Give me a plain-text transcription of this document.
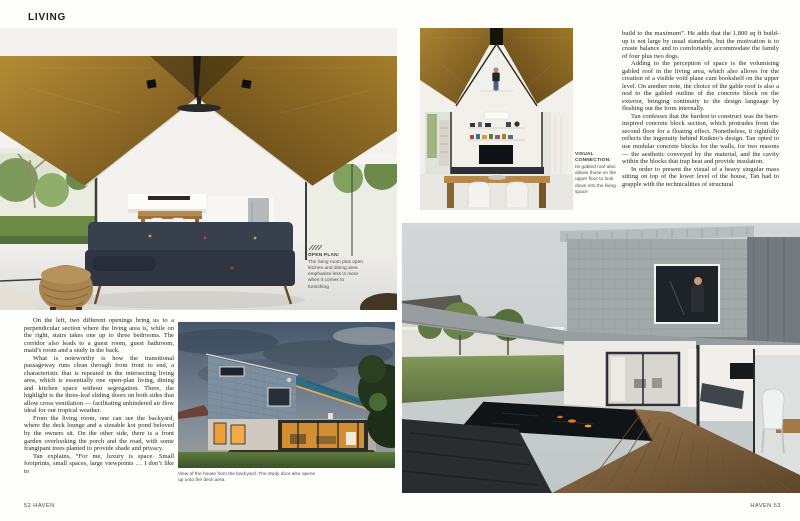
LIVING
OPEN PLAN:
The living room plus open kitchen and dining area emphasise less is more when it comes to furnishing
VISUAL CONNECTION:
Its gabled roof also allows those on the upper floor to look down into the living space

build to the maximum”. He adds that the 1,800 sq ft build-up is not large by usual standards, but the motivation is to create balance and to comfortably accommodate the family of four plus two dogs.

Adding to the perception of space is the volumising gabled roof in the living area, which also allows for the creation of a visible void plane cum bookshelf on the upper level. On another note, the choice of the gable roof is also a nod to the gabled outline of the concrete block on the exterior, bringing continuity to the design language by fleshing out the form internally.

Tan confesses that the hardest to construct was the barn-inspired concrete block section, which protrudes from the second floor for a floating effect. Nonetheless, it rightfully reflects the ingenuity behind Knikno’s design. Tan opted to use modular concrete blocks for the walls, for two reasons — the aesthetic conveyed by the material, and the cavity within the blocks that trap heat and provide insulation.

In order to present the visual of a heavy singular mass sitting on top of the lower level of the house, Tan had to grapple with the technicalities of structural

On the left, two different openings bring us to a perpendicular section where the living area is, while on the right, stairs takes one up to three bedrooms. The corridor also leads to a guest room, guest bathroom, maid’s room and a study in the back.

What is noteworthy is how the transitional passageway runs clean through from front to end, a characteristic that is repeated in the intersecting living area, which is essentially one open-plan living, dining and kitchen space without segregation. There, the highlight is the three-leaf sliding doors on both sides that allow cross ventilation — facilitating unhindered air flow ideal for our tropical weather.

From the living room, one can see the backyard, where the deck lounge and a sizeable koi pond beloved by the owners sit. On the other side, there is a front garden overlooking the porch and the road, with some frangipani trees planted to provide shade and privacy.

Tan explains, “For me, luxury is space. Small footprints, small spaces, large viewpoints … I don’t like to	View of the house from the backyard. The study door also opens up onto the deck area
52 HAVEN	HAVEN 53
